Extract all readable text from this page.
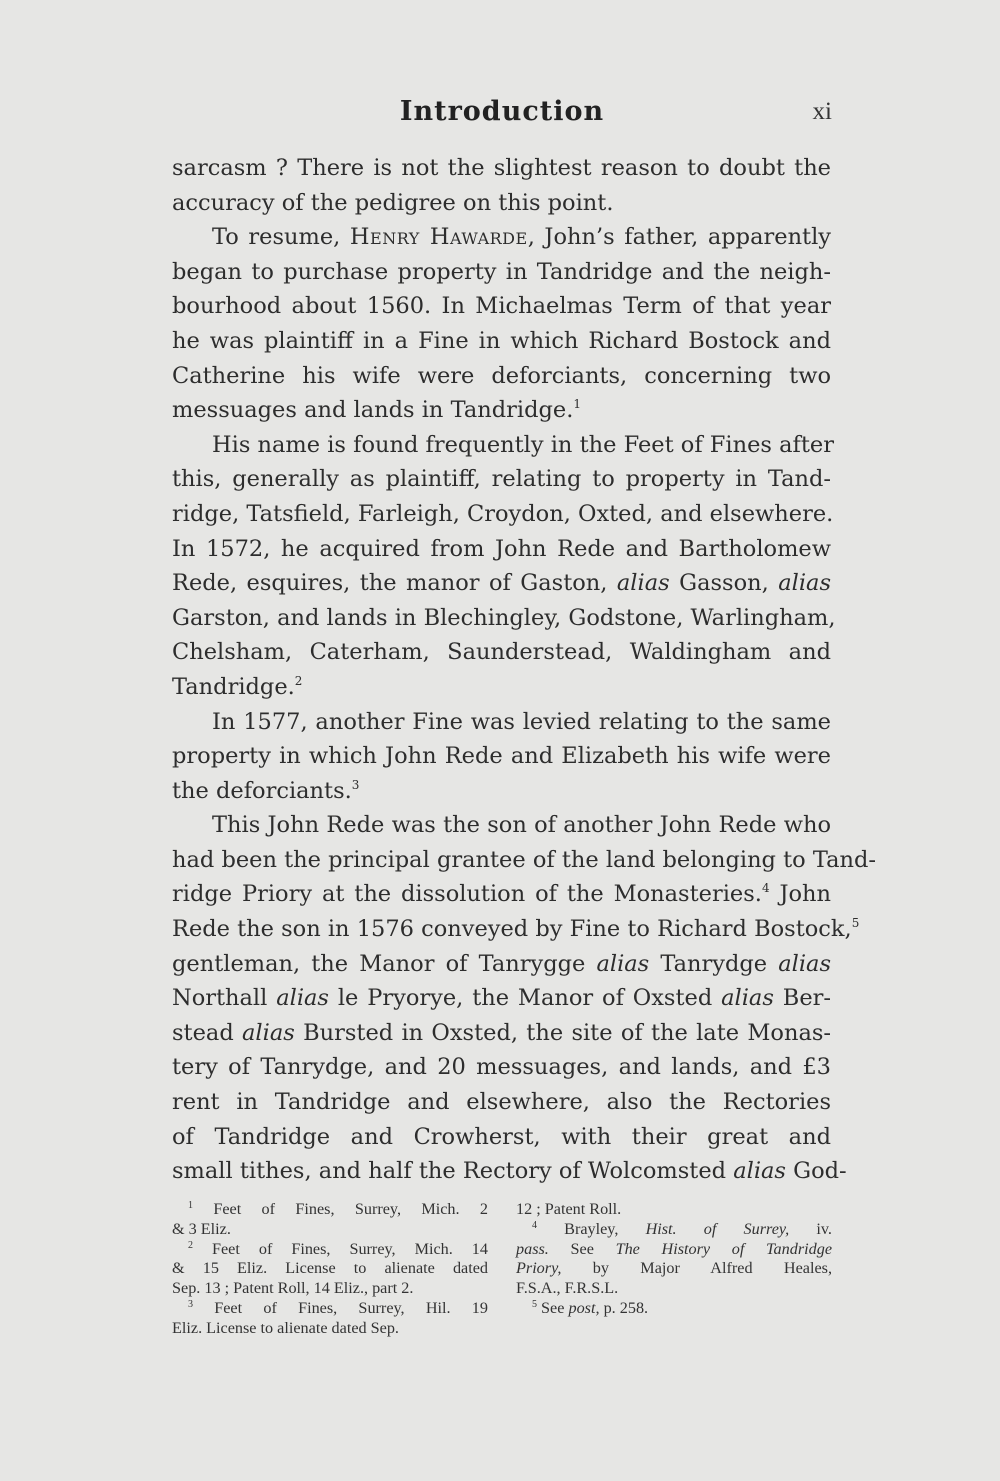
Introduction	xi
sarcasm ? There is not the slightest reason to doubt the
accuracy of the pedigree on this point.
To resume, Henry Hawarde, John’s father, apparently
began to purchase property in Tandridge and the neigh-
bourhood about 1560. In Michaelmas Term of that year
he was plaintiff in a Fine in which Richard Bostock and
Catherine his wife were deforciants, concerning two
messuages and lands in Tandridge.$^1$
His name is found frequently in the Feet of Fines after
this, generally as plaintiff, relating to property in Tand-
ridge, Tatsfield, Farleigh, Croydon, Oxted, and elsewhere.
In 1572, he acquired from John Rede and Bartholomew
Rede, esquires, the manor of Gaston, alias Gasson, alias
Garston, and lands in Blechingley, Godstone, Warlingham,
Chelsham, Caterham, Saunderstead, Waldingham and
Tandridge.$^2$
In 1577, another Fine was levied relating to the same
property in which John Rede and Elizabeth his wife were
the deforciants.$^3$
This John Rede was the son of another John Rede who
had been the principal grantee of the land belonging to Tand-
ridge Priory at the dissolution of the Monasteries.$^4$ John
Rede the son in 1576 conveyed by Fine to Richard Bostock,$^5$
gentleman, the Manor of Tanrygge alias Tanrydge alias
Northall alias le Pryorye, the Manor of Oxsted alias Ber-
stead alias Bursted in Oxsted, the site of the late Monas-
tery of Tanrydge, and 20 messuages, and lands, and £3
rent in Tandridge and elsewhere, also the Rectories
of Tandridge and Crowherst, with their great and
small tithes, and half the Rectory of Wolcomsted alias God-
$^1$ Feet of Fines, Surrey, Mich. 2
& 3 Eliz.
$^2$ Feet of Fines, Surrey, Mich. 14
& 15 Eliz. License to alienate dated
Sep. 13 ; Patent Roll, 14 Eliz., part 2.
$^3$ Feet of Fines, Surrey, Hil. 19
Eliz. License to alienate dated Sep.
12 ; Patent Roll.
$^4$ Brayley, Hist. of Surrey, iv.
pass. See The History of Tandridge
Priory, by Major Alfred Heales,
F.S.A., F.R.S.L.
$^5$ See post, p. 258.
